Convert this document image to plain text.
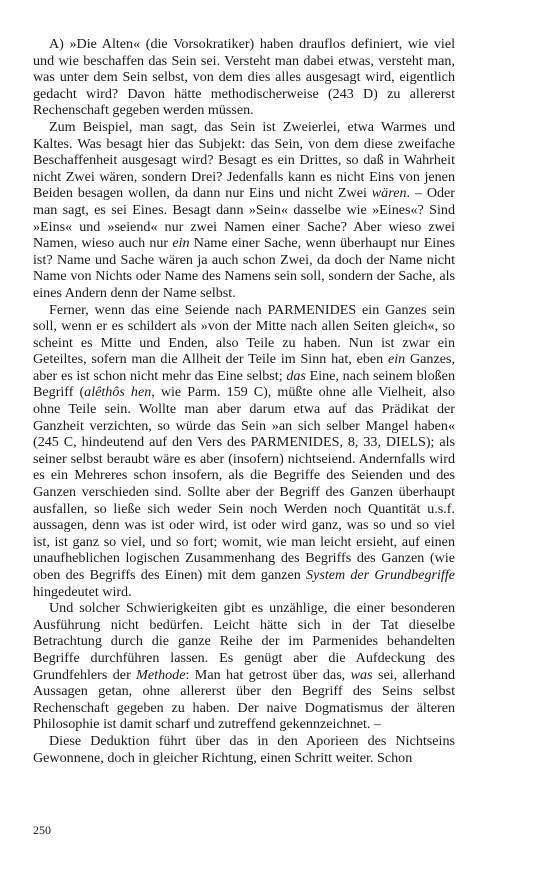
A) »Die Alten« (die Vorsokratiker) haben drauflos definiert, wie viel und wie beschaffen das Sein sei. Versteht man dabei etwas, versteht man, was unter dem Sein selbst, von dem dies alles ausgesagt wird, eigentlich gedacht wird? Davon hätte methodischerweise (243 D) zu allererst Rechenschaft gegeben werden müssen.

Zum Beispiel, man sagt, das Sein ist Zweierlei, etwa Warmes und Kaltes. Was besagt hier das Subjekt: das Sein, von dem diese zweifache Beschaffenheit ausgesagt wird? Besagt es ein Drittes, so daß in Wahrheit nicht Zwei wären, sondern Drei? Jedenfalls kann es nicht Eins von jenen Beiden besagen wollen, da dann nur Eins und nicht Zwei wären. – Oder man sagt, es sei Eines. Besagt dann »Sein« dasselbe wie »Eines«? Sind »Eins« und »seiend« nur zwei Namen einer Sache? Aber wieso zwei Namen, wieso auch nur ein Name einer Sache, wenn überhaupt nur Eines ist? Name und Sache wären ja auch schon Zwei, da doch der Name nicht Name von Nichts oder Name des Namens sein soll, sondern der Sache, als eines Andern denn der Name selbst.

Ferner, wenn das eine Seiende nach PARMENIDES ein Ganzes sein soll, wenn er es schildert als »von der Mitte nach allen Seiten gleich«, so scheint es Mitte und Enden, also Teile zu haben. Nun ist zwar ein Geteiltes, sofern man die Allheit der Teile im Sinn hat, eben ein Ganzes, aber es ist schon nicht mehr das Eine selbst; das Eine, nach seinem bloßen Begriff (alêthôs hen, wie Parm. 159 C), müßte ohne alle Vielheit, also ohne Teile sein. Wollte man aber darum etwa auf das Prädikat der Ganzheit verzichten, so würde das Sein »an sich selber Mangel haben« (245 C, hindeutend auf den Vers des PARMENIDES, 8, 33, DIELS); als seiner selbst beraubt wäre es aber (insofern) nichtseiend. Andernfalls wird es ein Mehreres schon insofern, als die Begriffe des Seienden und des Ganzen verschieden sind. Sollte aber der Begriff des Ganzen überhaupt ausfallen, so ließe sich weder Sein noch Werden noch Quantität u.s.f. aussagen, denn was ist oder wird, ist oder wird ganz, was so und so viel ist, ist ganz so viel, und so fort; womit, wie man leicht ersieht, auf einen unaufheblichen logischen Zusammenhang des Begriffs des Ganzen (wie oben des Begriffs des Einen) mit dem ganzen System der Grundbegriffe hingedeutet wird.

Und solcher Schwierigkeiten gibt es unzählige, die einer besonderen Ausführung nicht bedürfen. Leicht hätte sich in der Tat dieselbe Betrachtung durch die ganze Reihe der im Parmenides behandelten Begriffe durchführen lassen. Es genügt aber die Aufdeckung des Grundfehlers der Methode: Man hat getrost über das, was sei, allerhand Aussagen getan, ohne allererst über den Begriff des Seins selbst Rechenschaft gegeben zu haben. Der naive Dogmatismus der älteren Philosophie ist damit scharf und zutreffend gekennzeichnet. –

Diese Deduktion führt über das in den Aporieen des Nichtseins Gewonnene, doch in gleicher Richtung, einen Schritt weiter. Schon

250
